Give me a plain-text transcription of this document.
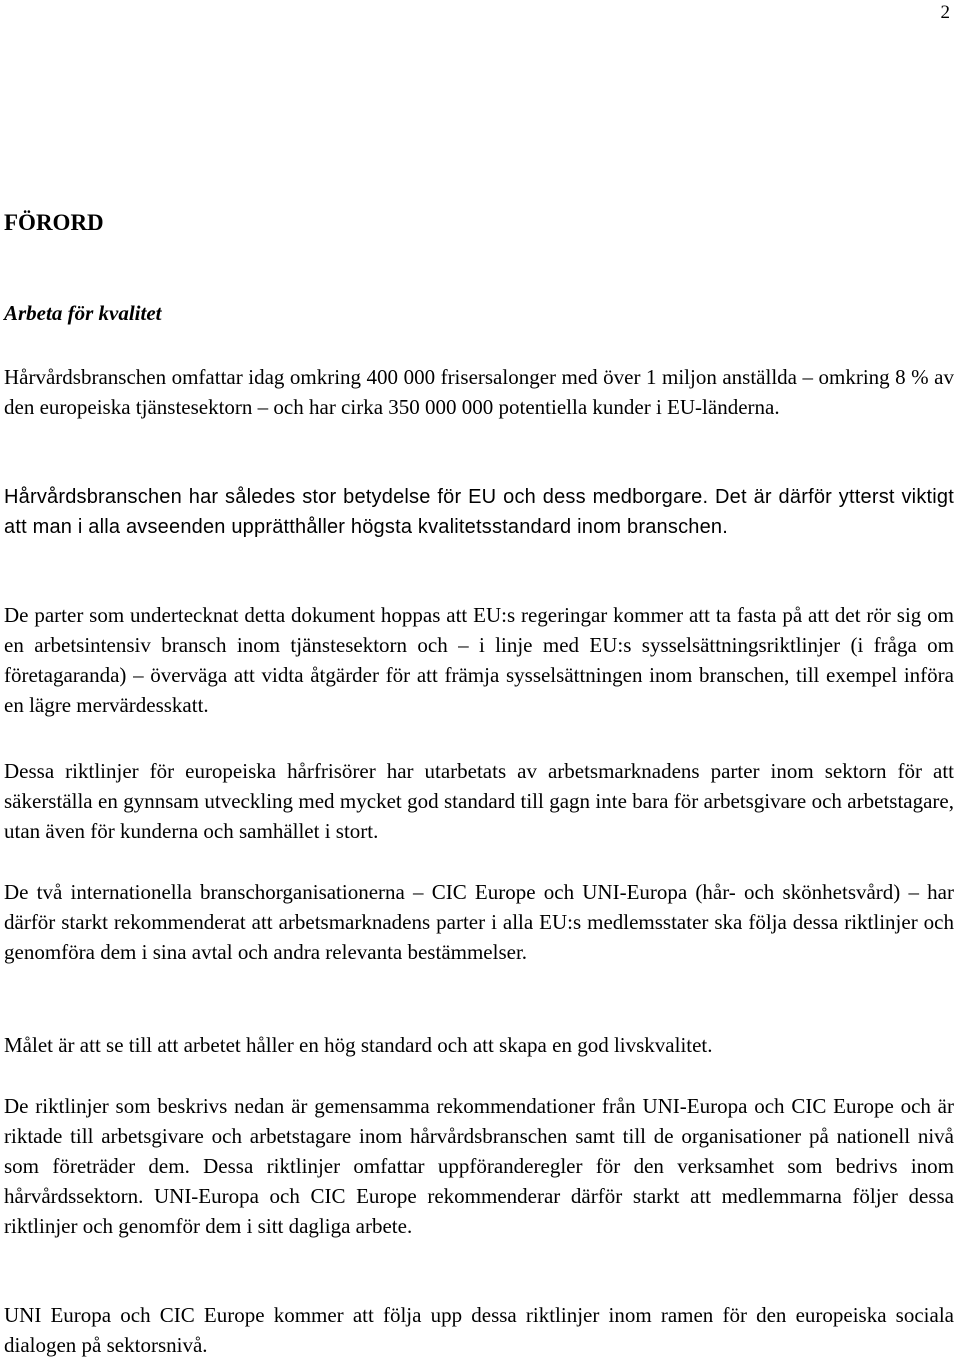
2
FÖRORD
Arbeta för kvalitet

Hårvårdsbranschen omfattar idag omkring 400 000 frisersalonger med över 1 miljon anställda – omkring 8 % av den europeiska tjänstesektorn – och har cirka 350 000 000 potentiella kunder i EU-länderna.

Hårvårdsbranschen har således stor betydelse för EU och dess medborgare. Det är därför ytterst viktigt att man i alla avseenden upprätthåller högsta kvalitetsstandard inom branschen.

De parter som undertecknat detta dokument hoppas att EU:s regeringar kommer att ta fasta på att det rör sig om en arbetsintensiv bransch inom tjänstesektorn och – i linje med EU:s sysselsättningsriktlinjer (i fråga om företagaranda) – överväga att vidta åtgärder för att främja sysselsättningen inom branschen, till exempel införa en lägre mervärdesskatt.

Dessa riktlinjer för europeiska hårfrisörer har utarbetats av arbetsmarknadens parter inom sektorn för att säkerställa en gynnsam utveckling med mycket god standard till gagn inte bara för arbetsgivare och arbetstagare, utan även för kunderna och samhället i stort.

De två internationella branschorganisationerna – CIC Europe och UNI-Europa (hår- och skönhetsvård) – har därför starkt rekommenderat att arbetsmarknadens parter i alla EU:s medlemsstater ska följa dessa riktlinjer och genomföra dem i sina avtal och andra relevanta bestämmelser.

Målet är att se till att arbetet håller en hög standard och att skapa en god livskvalitet.

De riktlinjer som beskrivs nedan är gemensamma rekommendationer från UNI-Europa och CIC Europe och är riktade till arbetsgivare och arbetstagare inom hårvårdsbranschen samt till de organisationer på nationell nivå som företräder dem. Dessa riktlinjer omfattar uppföranderegler för den verksamhet som bedrivs inom hårvårdssektorn. UNI-Europa och CIC Europe rekommenderar därför starkt att medlemmarna följer dessa riktlinjer och genomför dem i sitt dagliga arbete.

UNI Europa och CIC Europe kommer att följa upp dessa riktlinjer inom ramen för den europeiska sociala dialogen på sektorsnivå.
